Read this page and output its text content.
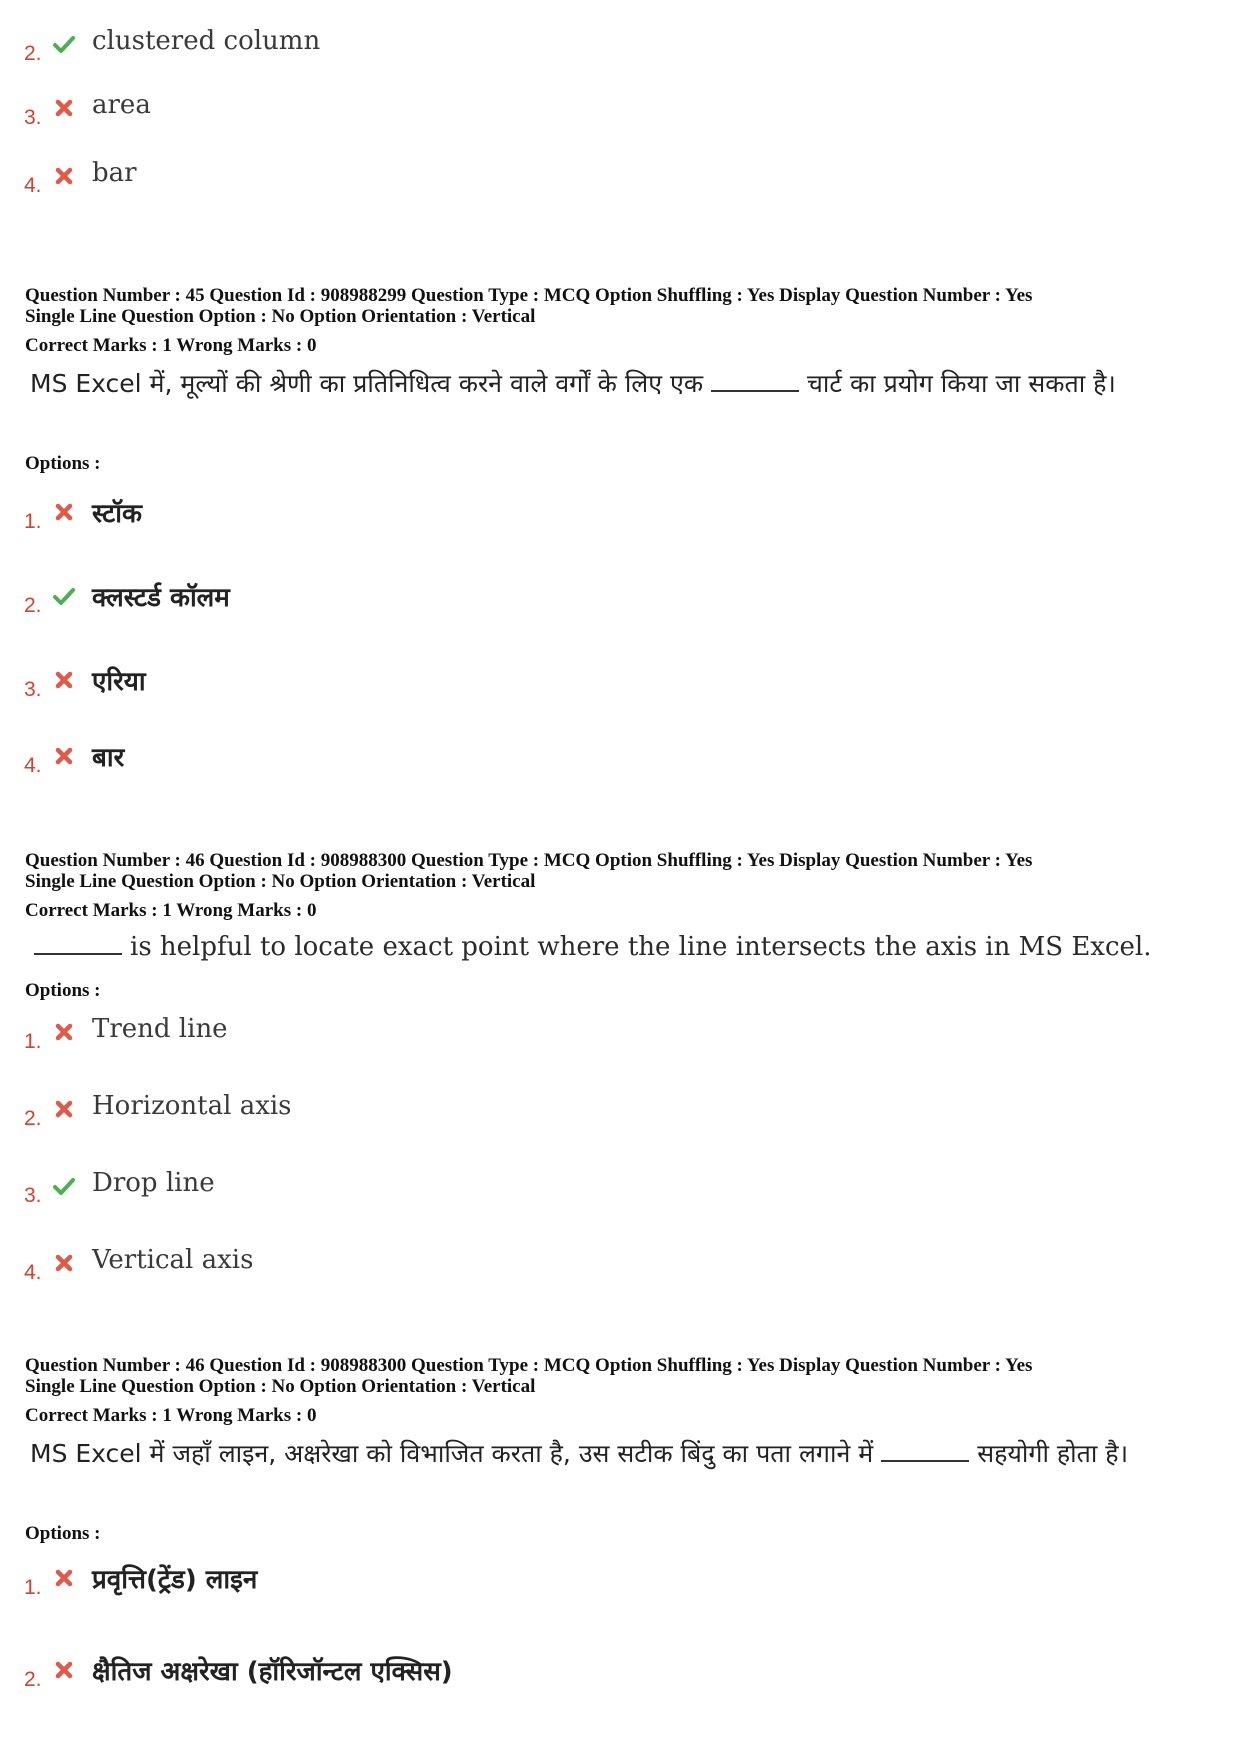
2. clustered column
3. area
4. bar
Question Number : 45 Question Id : 908988299 Question Type : MCQ Option Shuffling : Yes Display Question Number : Yes
Single Line Question Option : No Option Orientation : Vertical
Correct Marks : 1 Wrong Marks : 0
MS Excel में, मूल्यों की श्रेणी का प्रतिनिधित्व करने वाले वर्गों के लिए एक	चार्ट का प्रयोग किया जा सकता है।
Options :
1. स्टॉक
2. क्लस्टर्ड कॉलम
3. एरिया
4. बार
Question Number : 46 Question Id : 908988300 Question Type : MCQ Option Shuffling : Yes Display Question Number : Yes
Single Line Question Option : No Option Orientation : Vertical
Correct Marks : 1 Wrong Marks : 0
is helpful to locate exact point where the line intersects the axis in MS Excel.
Options :
1. Trend line
2. Horizontal axis
3. Drop line
4. Vertical axis
Question Number : 46 Question Id : 908988300 Question Type : MCQ Option Shuffling : Yes Display Question Number : Yes
Single Line Question Option : No Option Orientation : Vertical
Correct Marks : 1 Wrong Marks : 0
MS Excel में जहाँ लाइन, अक्षरेखा को विभाजित करता है, उस सटीक बिंदु का पता लगाने में	सहयोगी होता है।
Options :
1. प्रवृत्ति(ट्रेंड) लाइन
2. क्षैतिज अक्षरेखा (हॉरिजॉन्टल एक्सिस)
